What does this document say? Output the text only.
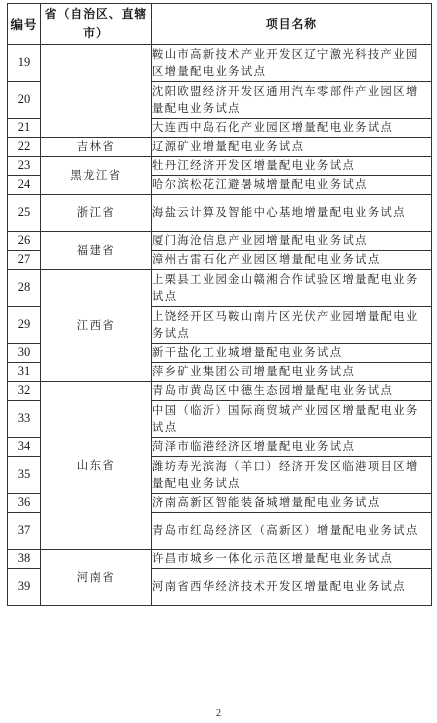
编号	省（自治区、直辖市）	项目名称
19		鞍山市高新技术产业开发区辽宁激光科技产业园区增量配电业务试点
20		沈阳欧盟经济开发区通用汽车零部件产业园区增量配电业务试点
21		大连西中岛石化产业园区增量配电业务试点
22	吉林省	辽源矿业增量配电业务试点
23	黑龙江省	牡丹江经济开发区增量配电业务试点
24		哈尔滨松花江避暑城增量配电业务试点
25	浙江省	海盐云计算及智能中心基地增量配电业务试点
26	福建省	厦门海沧信息产业园增量配电业务试点
27		漳州古雷石化产业园区增量配电业务试点
28	江西省	上栗县工业园金山赣湘合作试验区增量配电业务试点
29		上饶经开区马鞍山南片区光伏产业园增量配电业务试点
30		新干盐化工业城增量配电业务试点
31		萍乡矿业集团公司增量配电业务试点
32	山东省	青岛市黄岛区中德生态园增量配电业务试点
33		中国（临沂）国际商贸城产业园区增量配电业务试点
34		菏泽市临港经济区增量配电业务试点
35		潍坊寿光滨海（羊口）经济开发区临港项目区增量配电业务试点
36		济南高新区智能装备城增量配电业务试点
37		青岛市红岛经济区（高新区）增量配电业务试点
38	河南省	许昌市城乡一体化示范区增量配电业务试点
39		河南省西华经济技术开发区增量配电业务试点
2
